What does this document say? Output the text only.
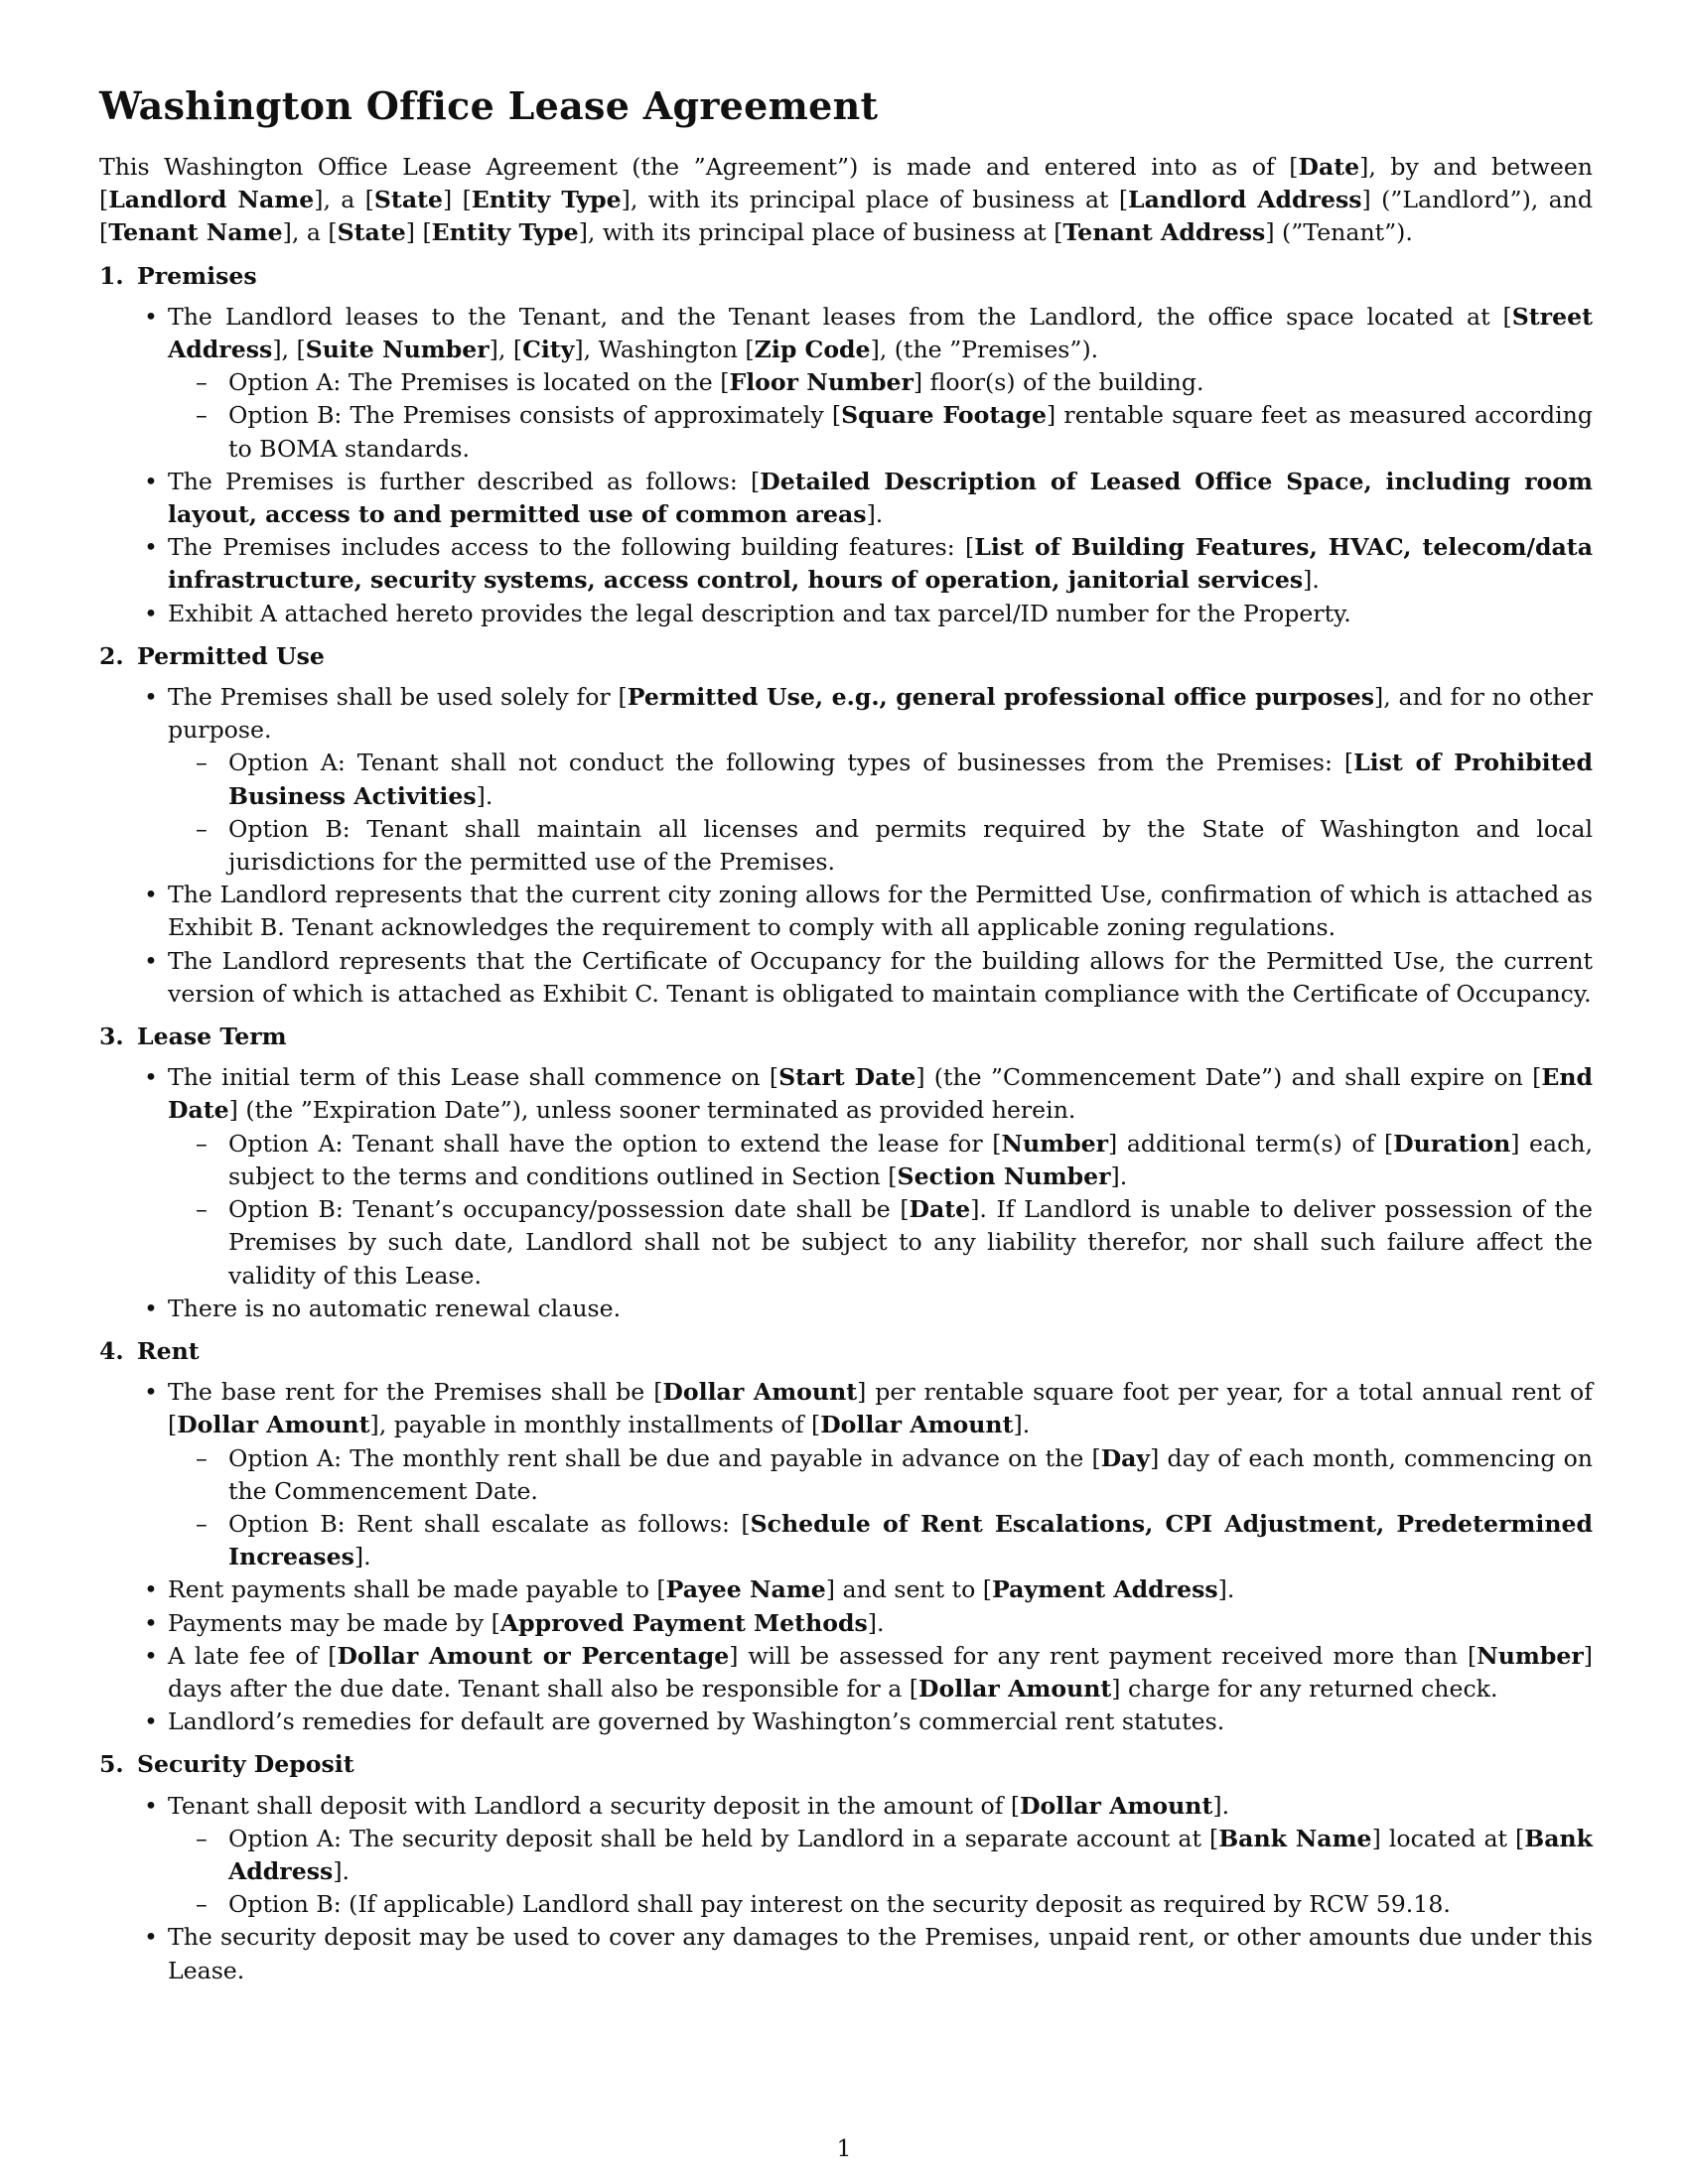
Washington Office Lease Agreement

This Washington Office Lease Agreement (the ”Agreement”) is made and entered into as of [Date], by and between [Landlord Name], a [State] [Entity Type], with its principal place of business at [Landlord Address] (”Landlord”), and [Tenant Name], a [State] [Entity Type], with its principal place of business at [Tenant Address] (”Tenant”).

1. Premises
• The Landlord leases to the Tenant, and the Tenant leases from the Landlord, the office space located at [Street Address], [Suite Number], [City], Washington [Zip Code], (the ”Premises”).
– Option A: The Premises is located on the [Floor Number] floor(s) of the building.
– Option B: The Premises consists of approximately [Square Footage] rentable square feet as measured according to BOMA standards.
• The Premises is further described as follows: [Detailed Description of Leased Office Space, including room layout, access to and permitted use of common areas].
• The Premises includes access to the following building features: [List of Building Features, HVAC, telecom/data infrastructure, security systems, access control, hours of operation, janitorial services].
• Exhibit A attached hereto provides the legal description and tax parcel/ID number for the Property.
2. Permitted Use
• The Premises shall be used solely for [Permitted Use, e.g., general professional office purposes], and for no other purpose.
– Option A: Tenant shall not conduct the following types of businesses from the Premises: [List of Prohibited Business Activities].
– Option B: Tenant shall maintain all licenses and permits required by the State of Washington and local jurisdictions for the permitted use of the Premises.
• The Landlord represents that the current city zoning allows for the Permitted Use, confirmation of which is attached as Exhibit B. Tenant acknowledges the requirement to comply with all applicable zoning regulations.
• The Landlord represents that the Certificate of Occupancy for the building allows for the Permitted Use, the current version of which is attached as Exhibit C. Tenant is obligated to maintain compliance with the Certificate of Occupancy.
3. Lease Term
• The initial term of this Lease shall commence on [Start Date] (the ”Commencement Date”) and shall expire on [End Date] (the ”Expiration Date”), unless sooner terminated as provided herein.
– Option A: Tenant shall have the option to extend the lease for [Number] additional term(s) of [Duration] each, subject to the terms and conditions outlined in Section [Section Number].
– Option B: Tenant’s occupancy/possession date shall be [Date]. If Landlord is unable to deliver possession of the Premises by such date, Landlord shall not be subject to any liability therefor, nor shall such failure affect the validity of this Lease.
• There is no automatic renewal clause.
4. Rent
• The base rent for the Premises shall be [Dollar Amount] per rentable square foot per year, for a total annual rent of [Dollar Amount], payable in monthly installments of [Dollar Amount].
– Option A: The monthly rent shall be due and payable in advance on the [Day] day of each month, commencing on the Commencement Date.
– Option B: Rent shall escalate as follows: [Schedule of Rent Escalations, CPI Adjustment, Predetermined Increases].
• Rent payments shall be made payable to [Payee Name] and sent to [Payment Address].
• Payments may be made by [Approved Payment Methods].
• A late fee of [Dollar Amount or Percentage] will be assessed for any rent payment received more than [Number] days after the due date. Tenant shall also be responsible for a [Dollar Amount] charge for any returned check.
• Landlord’s remedies for default are governed by Washington’s commercial rent statutes.
5. Security Deposit
• Tenant shall deposit with Landlord a security deposit in the amount of [Dollar Amount].
– Option A: The security deposit shall be held by Landlord in a separate account at [Bank Name] located at [Bank Address].
– Option B: (If applicable) Landlord shall pay interest on the security deposit as required by RCW 59.18.
• The security deposit may be used to cover any damages to the Premises, unpaid rent, or other amounts due under this Lease.
1
